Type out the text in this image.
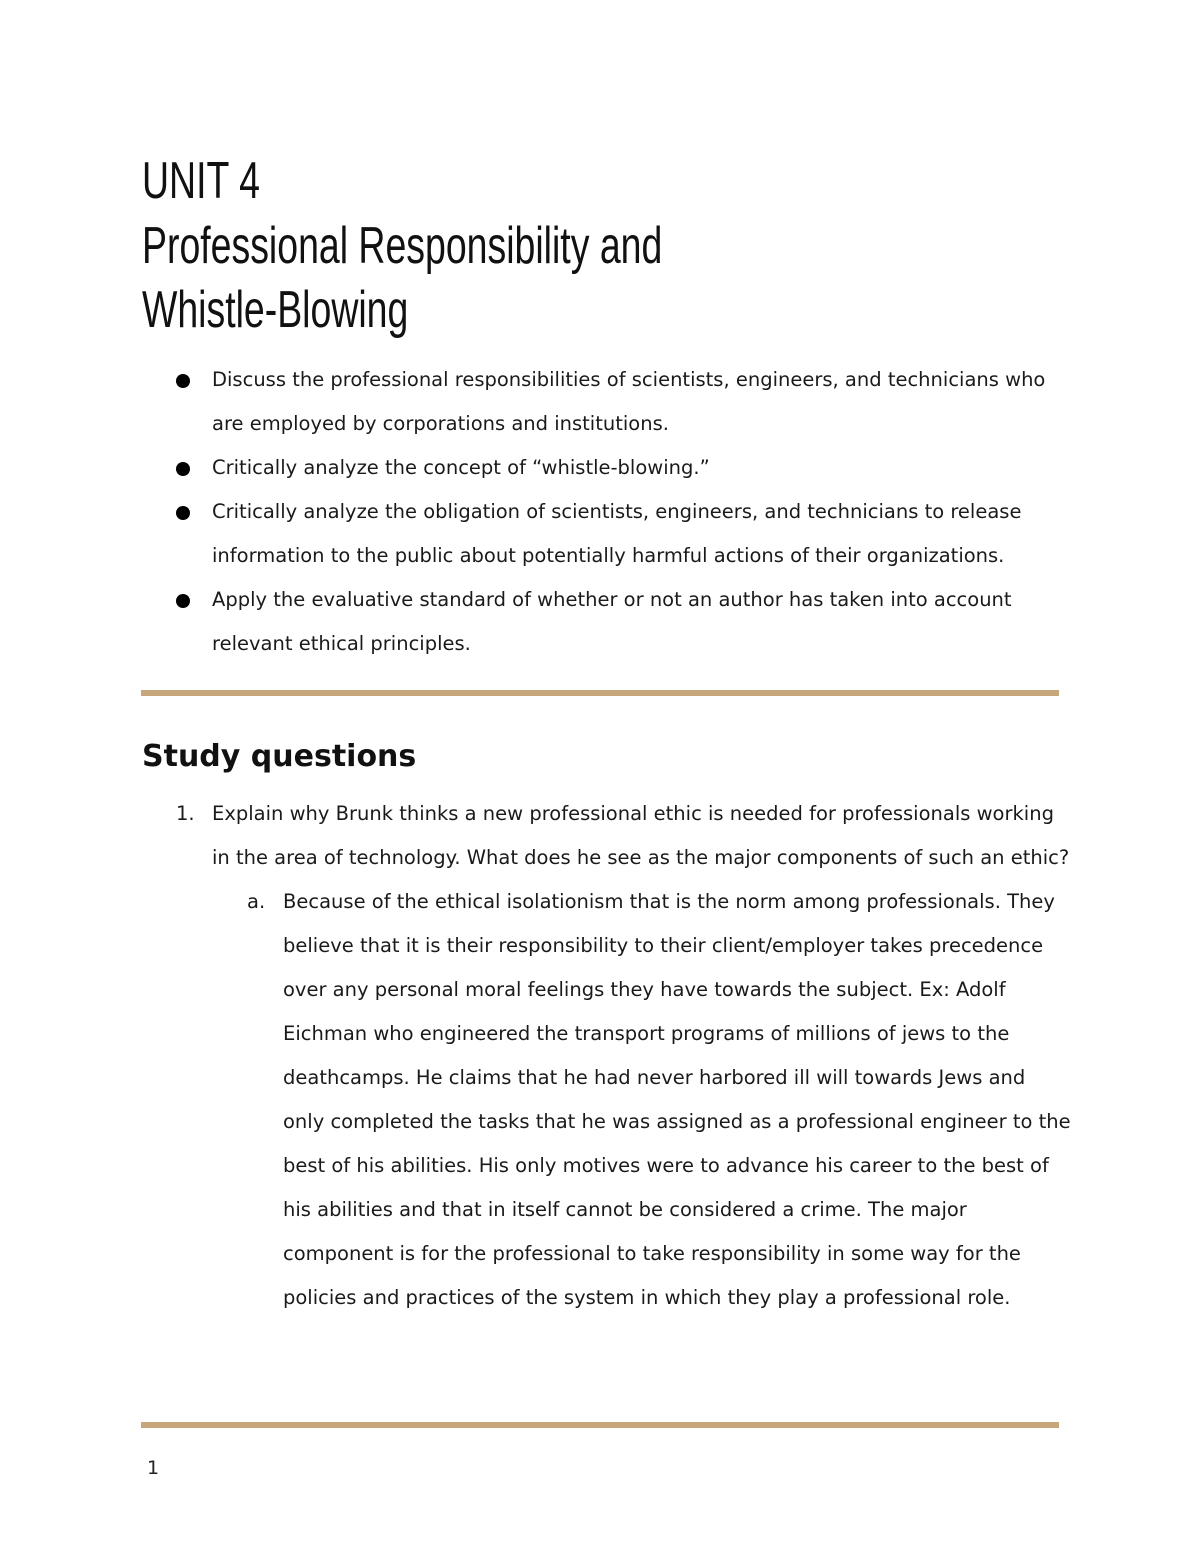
UNIT 4
Professional Responsibility and Whistle-Blowing
Discuss the professional responsibilities of scientists, engineers, and technicians who are employed by corporations and institutions.
Critically analyze the concept of “whistle-blowing.”
Critically analyze the obligation of scientists, engineers, and technicians to release information to the public about potentially harmful actions of their organizations.
Apply the evaluative standard of whether or not an author has taken into account relevant ethical principles.
Study questions
1. Explain why Brunk thinks a new professional ethic is needed for professionals working in the area of technology. What does he see as the major components of such an ethic?
a. Because of the ethical isolationism that is the norm among professionals. They believe that it is their responsibility to their client/employer takes precedence over any personal moral feelings they have towards the subject. Ex: Adolf Eichman who engineered the transport programs of millions of jews to the deathcamps. He claims that he had never harbored ill will towards Jews and only completed the tasks that he was assigned as a professional engineer to the best of his abilities. His only motives were to advance his career to the best of his abilities and that in itself cannot be considered a crime. The major component is for the professional to take responsibility in some way for the policies and practices of the system in which they play a professional role.
1
